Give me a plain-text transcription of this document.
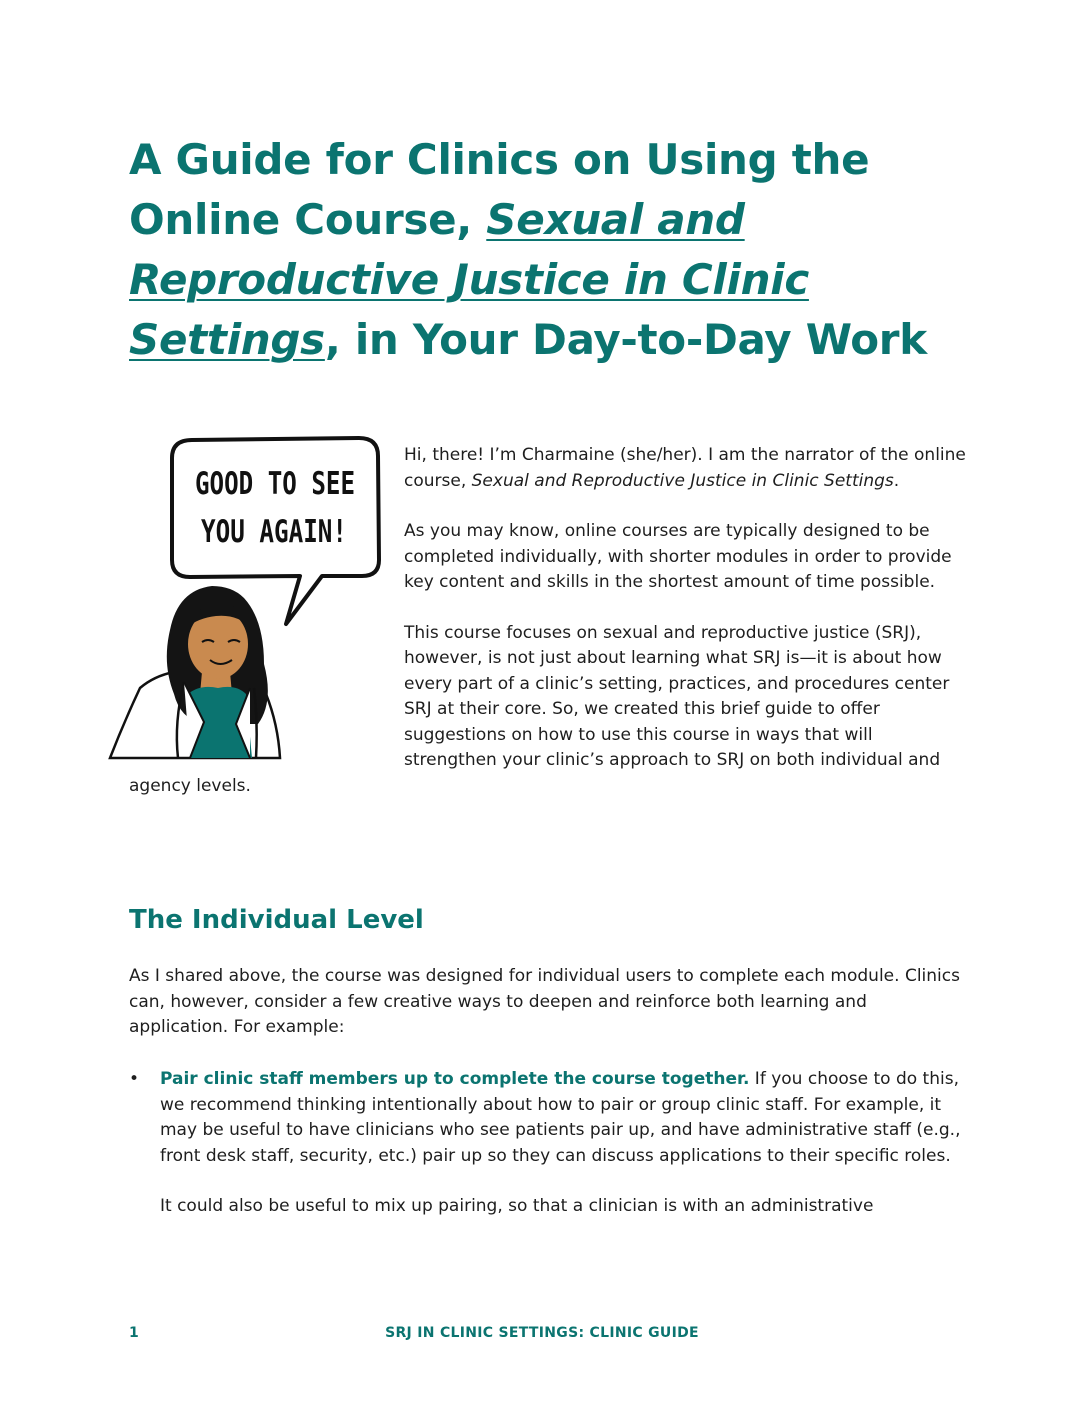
A Guide for Clinics on Using the Online Course, Sexual and Reproductive Justice in Clinic Settings, in Your Day-to-Day Work
GOOD TO SEE
YOU AGAIN!

Hi, there! I’m Charmaine (she/her). I am the narrator of the online course, Sexual and Reproductive Justice in Clinic Settings.

As you may know, online courses are typically designed to be completed individually, with shorter modules in order to provide key content and skills in the shortest amount of time possible.

This course focuses on sexual and reproductive justice (SRJ), however, is not just about learning what SRJ is—it is about how every part of a clinic’s setting, practices, and procedures center SRJ at their core. So, we created this brief guide to offer suggestions on how to use this course in ways that will strengthen your clinic’s approach to SRJ on both individual and agency levels.

The Individual Level

As I shared above, the course was designed for individual users to complete each module. Clinics can, however, consider a few creative ways to deepen and reinforce both learning and application. For example:

• Pair clinic staff members up to complete the course together. If you choose to do this, we recommend thinking intentionally about how to pair or group clinic staff. For example, it may be useful to have clinicians who see patients pair up, and have administrative staff (e.g., front desk staff, security, etc.) pair up so they can discuss applications to their specific roles.

It could also be useful to mix up pairing, so that a clinician is with an administrative

1	SRJ IN CLINIC SETTINGS: CLINIC GUIDE
